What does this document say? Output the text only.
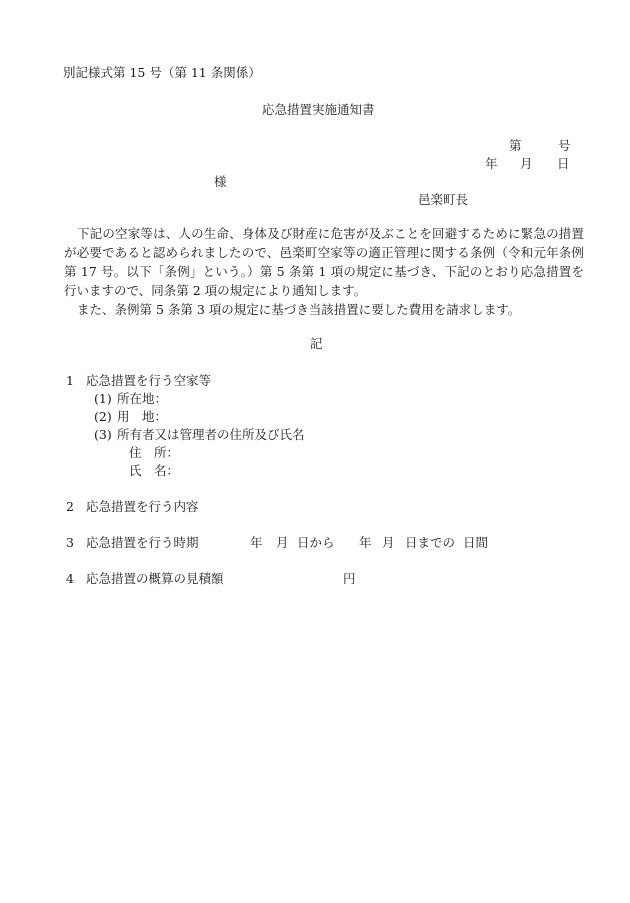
別記様式第 15 号（第 11 条関係）
応急措置実施通知書
第	号
年 月 日
様
邑楽町長
下記の空家等は、人の生命、身体及び財産に危害が及ぶことを回避するために緊急の措置が必要であると認められましたので、邑楽町空家等の適正管理に関する条例（令和元年条例第 17 号。以下「条例」という。）第 5 条第 1 項の規定に基づき、下記のとおり応急措置を行いますので、同条第 2 項の規定により通知します。
また、条例第 5 条第 3 項の規定に基づき当該措置に要した費用を請求します。
記
1 応急措置を行う空家等
(1) 所在地：
(2) 用　地：
(3) 所有者又は管理者の住所及び氏名
住　所：
氏　名：
2 応急措置を行う内容
3 応急措置を行う時期	年 月 日から 年 月 日までの 日間
4 応急措置の概算の見積額	円
